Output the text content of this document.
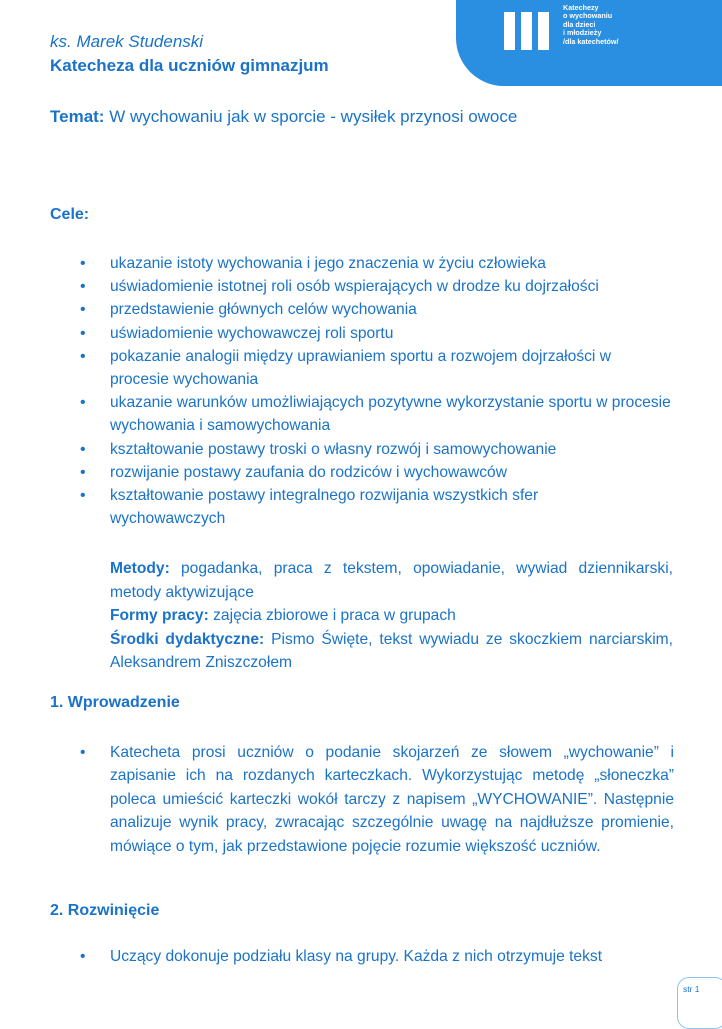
Katechezy
o wychowaniu
dla dzieci
i młodzieży
/dla katechetów/
ks. Marek Studenski
Katecheza dla uczniów gimnazjum
Temat: W wychowaniu jak w sporcie - wysiłek przynosi owoce
Cele:
• ukazanie istoty wychowania i jego znaczenia w życiu człowieka
• uświadomienie istotnej roli osób wspierających w drodze ku dojrzałości
• przedstawienie głównych celów wychowania
• uświadomienie wychowawczej roli sportu
• pokazanie analogii między uprawianiem sportu a rozwojem dojrzałości w procesie wychowania
• ukazanie warunków umożliwiających pozytywne wykorzystanie sportu w procesie wychowania i samowychowania
• kształtowanie postawy troski o własny rozwój i samowychowanie
• rozwijanie postawy zaufania do rodziców i wychowawców
• kształtowanie postawy integralnego rozwijania wszystkich sfer wychowawczych
Metody: pogadanka, praca z tekstem, opowiadanie, wywiad dziennikarski, metody aktywizujące
Formy pracy: zajęcia zbiorowe i praca w grupach
Środki dydaktyczne: Pismo Święte, tekst wywiadu ze skoczkiem narciarskim, Aleksandrem Zniszczołem
1. Wprowadzenie
• Katecheta prosi uczniów o podanie skojarzeń ze słowem „wychowanie” i zapisanie ich na rozdanych karteczkach. Wykorzystując metodę „słoneczka” poleca umieścić karteczki wokół tarczy z napisem „WYCHOWANIE”. Następnie analizuje wynik pracy, zwracając szczególnie uwagę na najdłuższe promienie, mówiące o tym, jak przedstawione pojęcie rozumie większość uczniów.
2. Rozwinięcie
• Uczący dokonuje podziału klasy na grupy. Każda z nich otrzymuje tekst
str 1
